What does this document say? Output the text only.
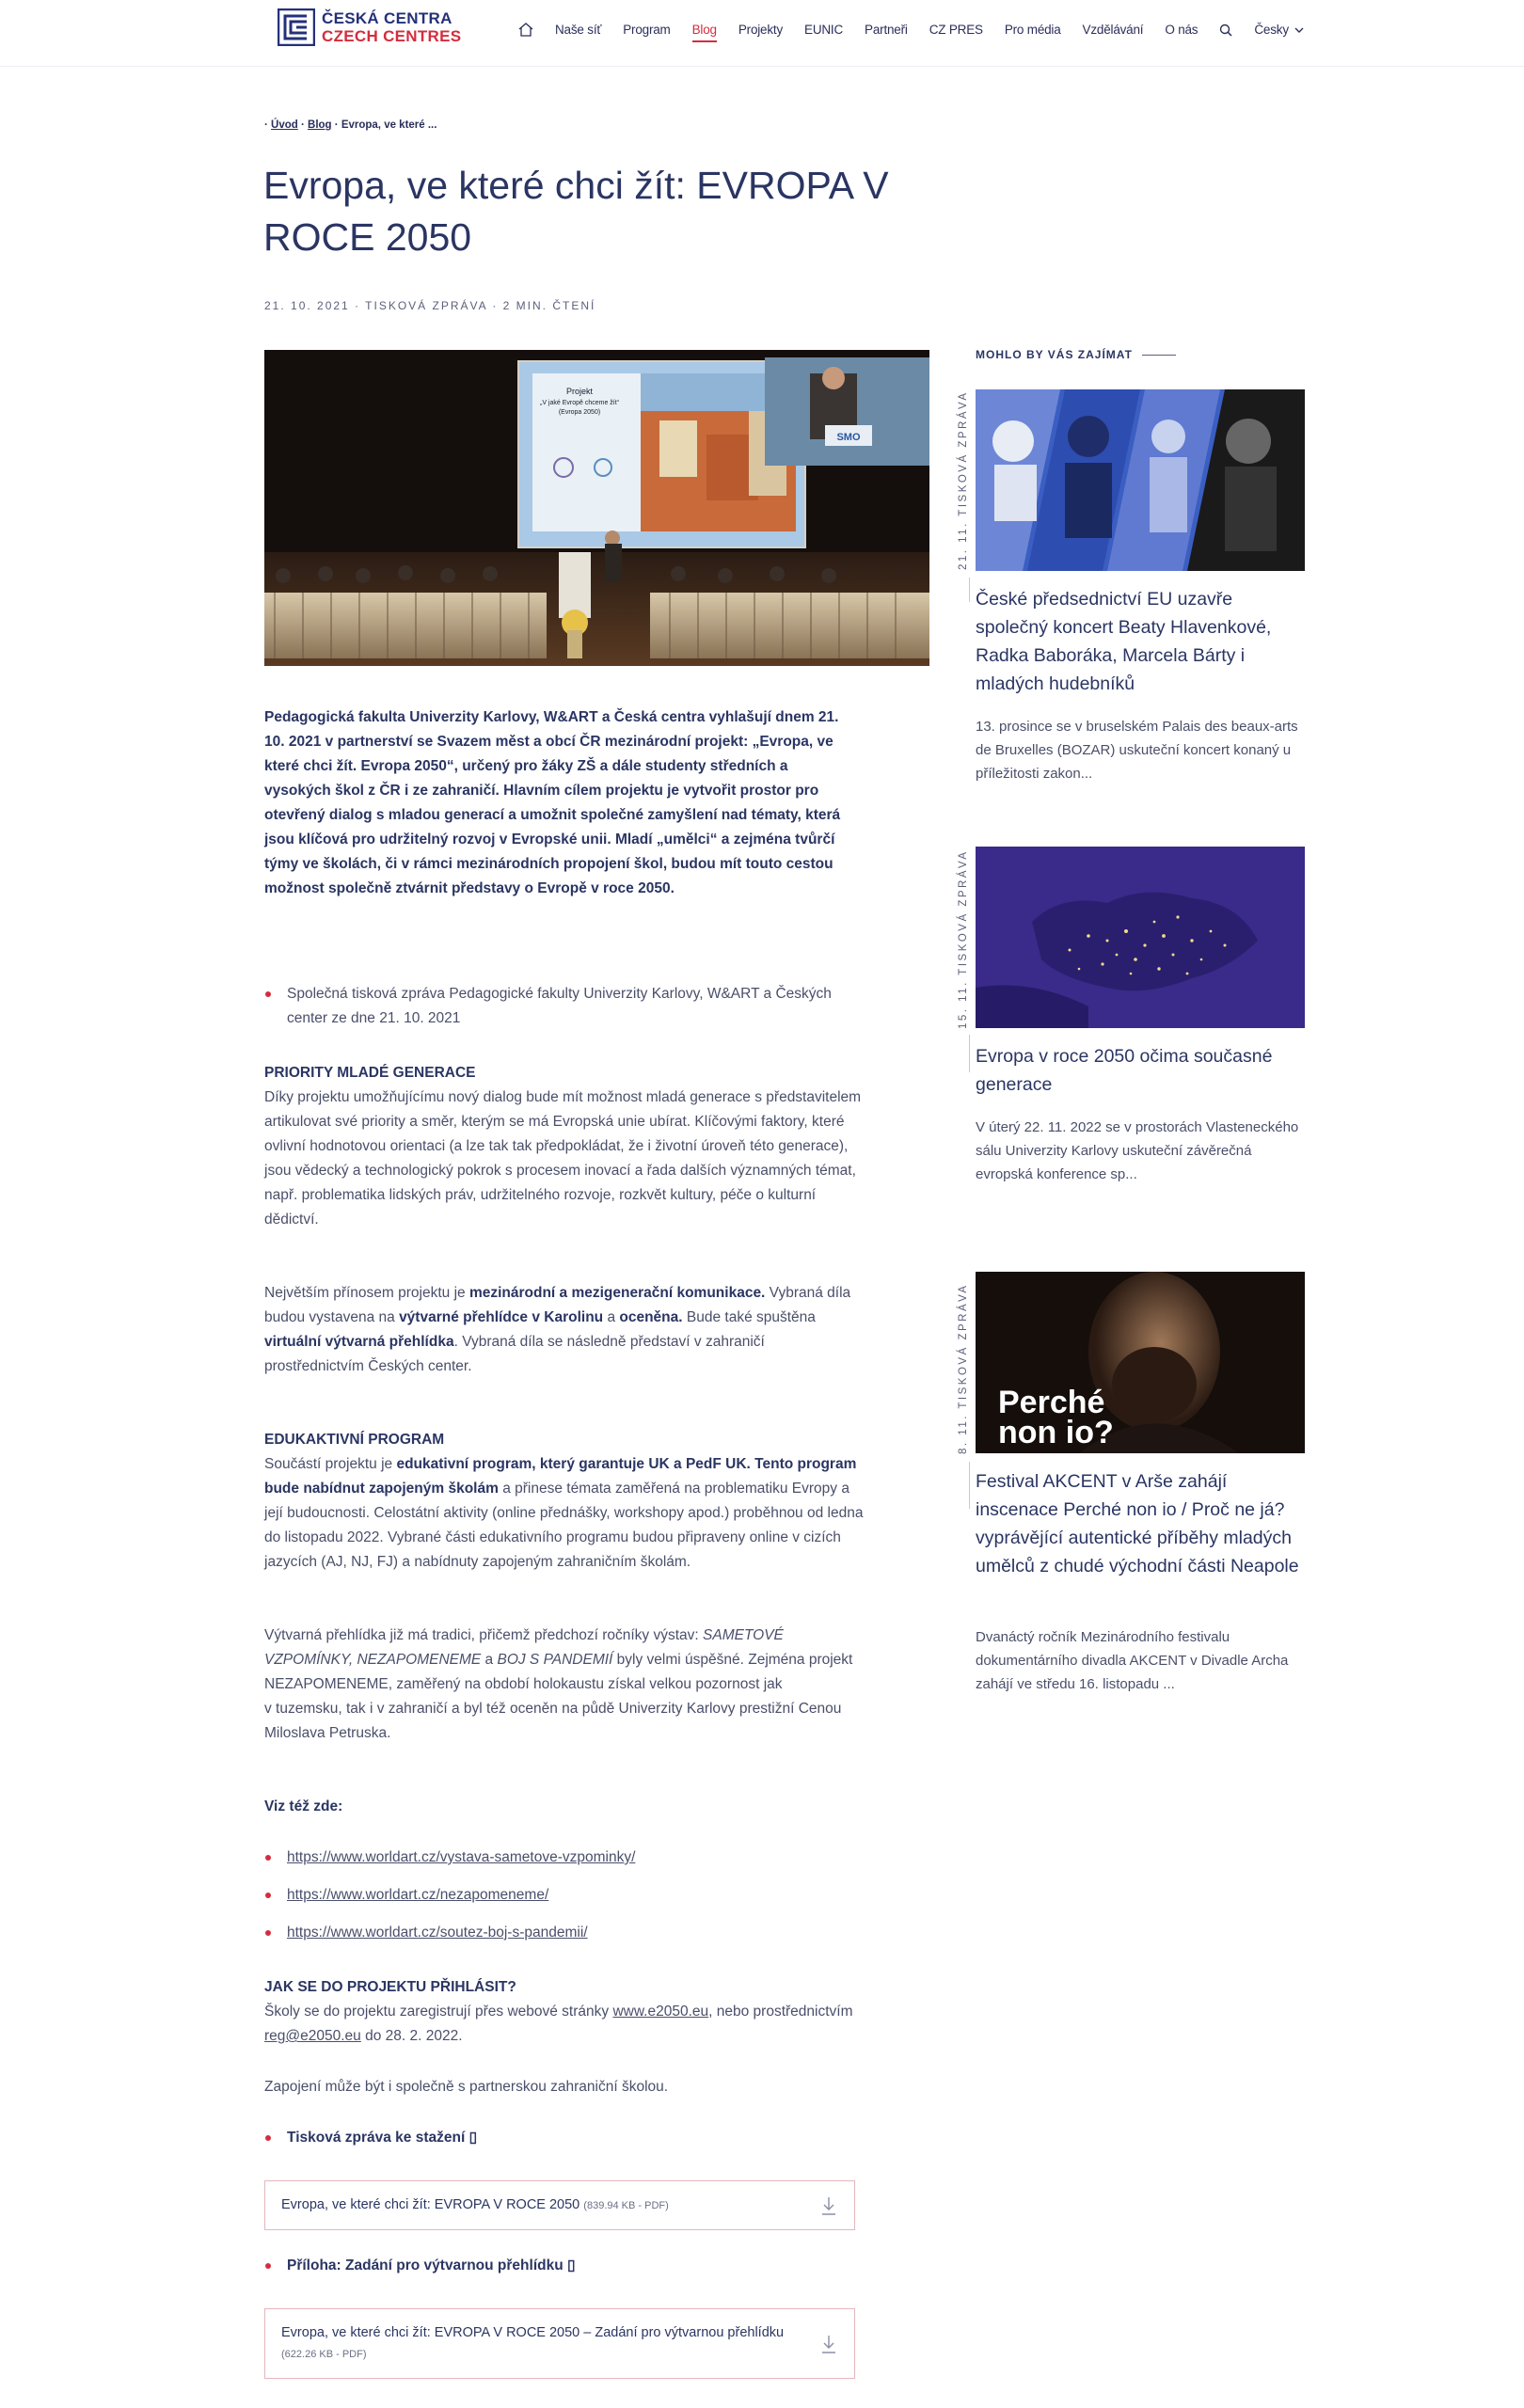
ČESKÁ CENTRA
CZECH CENTRES	Naše síť Program Blog Projekty EUNIC Partneři CZ PRES Pro média Vzdělávání O nás	Česky
· Úvod · Blog · Evropa, ve které ...
Evropa, ve které chci žít: EVROPA V ROCE 2050
21. 10. 2021 · TISKOVÁ ZPRÁVA · 2 MIN. ČTENÍ
Projekt
„V jaké Evropě chceme žít“
(Evropa 2050)
SMO
Pedagogická fakulta Univerzity Karlovy, W&ART a Česká centra vyhlašují dnem 21. 10. 2021 v partnerství se Svazem měst a obcí ČR mezinárodní projekt: „Evropa, ve které chci žít. Evropa 2050“, určený pro žáky ZŠ a dále studenty středních a vysokých škol z ČR i ze zahraničí. Hlavním cílem projektu je vytvořit prostor pro otevřený dialog s mladou generací a umožnit společné zamyšlení nad tématy, která jsou klíčová pro udržitelný rozvoj v Evropské unii. Mladí „umělci“ a zejména tvůrčí týmy ve školách, či v rámci mezinárodních propojení škol, budou mít touto cestou možnost společně ztvárnit představy o Evropě v roce 2050.
Společná tisková zpráva Pedagogické fakulty Univerzity Karlovy, W&ART a Českých center ze dne 21. 10. 2021
PRIORITY MLADÉ GENERACE
Díky projektu umožňujícímu nový dialog bude mít možnost mladá generace s představitelem artikulovat své priority a směr, kterým se má Evropská unie ubírat. Klíčovými faktory, které ovlivní hodnotovou orientaci (a lze tak tak předpokládat, že i životní úroveň této generace), jsou vědecký a technologický pokrok s procesem inovací a řada dalších významných témat, např. problematika lidských práv, udržitelného rozvoje, rozkvět kultury, péče o kulturní dědictví.
Největším přínosem projektu je mezinárodní a mezigenerační komunikace. Vybraná díla budou vystavena na výtvarné přehlídce v Karolinu a oceněna. Bude také spuštěna virtuální výtvarná přehlídka. Vybraná díla se následně představí v zahraničí prostřednictvím Českých center.
EDUKAKTIVNÍ PROGRAM
Součástí projektu je edukativní program, který garantuje UK a PedF UK. Tento program bude nabídnut zapojeným školám a přinese témata zaměřená na problematiku Evropy a její budoucnosti. Celostátní aktivity (online přednášky, workshopy apod.) proběhnou od ledna do listopadu 2022. Vybrané části edukativního programu budou připraveny online v cizích jazycích (AJ, NJ, FJ) a nabídnuty zapojeným zahraničním školám.
Výtvarná přehlídka již má tradici, přičemž předchozí ročníky výstav: SAMETOVÉ VZPOMÍNKY, NEZAPOMENEME a BOJ S PANDEMIÍ byly velmi úspěšné. Zejména projekt NEZAPOMENEME, zaměřený na období holokaustu získal velkou pozornost jak
v tuzemsku, tak i v zahraničí a byl též oceněn na půdě Univerzity Karlovy prestižní Cenou Miloslava Petruska.
Viz též zde:
https://www.worldart.cz/vystava-sametove-vzpominky/
https://www.worldart.cz/nezapomeneme/
https://www.worldart.cz/soutez-boj-s-pandemii/
JAK SE DO PROJEKTU PŘIHLÁSIT?
Školy se do projektu zaregistrují přes webové stránky www.e2050.eu, nebo prostřednictvím reg@e2050.eu do 28. 2. 2022.
Zapojení může být i společně s partnerskou zahraniční školou.
Tisková zpráva ke stažení ▯
Evropa, ve které chci žít: EVROPA V ROCE 2050 (839.94 KB - PDF)
Příloha: Zadání pro výtvarnou přehlídku ▯
Evropa, ve které chci žít: EVROPA V ROCE 2050 – Zadání pro výtvarnou přehlídku (622.26 KB - PDF)
MOHLO BY VÁS ZAJÍMAT
21. 11. TISKOVÁ ZPRÁVA
České předsednictví EU uzavře společný koncert Beaty Hlavenkové, Radka Baboráka, Marcela Bárty i mladých hudebníků
13. prosince se v bruselském Palais des beaux-arts de Bruxelles (BOZAR) uskuteční koncert konaný u příležitosti zakon...
15. 11. TISKOVÁ ZPRÁVA
Evropa v roce 2050 očima současné generace
V úterý 22. 11. 2022 se v prostorách Vlasteneckého sálu Univerzity Karlovy uskuteční závěrečná evropská konference sp...
8. 11. TISKOVÁ ZPRÁVA Perché non io?
Festival AKCENT v Arše zahájí inscenace Perché non io / Proč ne já? vyprávějící autentické příběhy mladých umělců z chudé východní části Neapole
Dvanáctý ročník Mezinárodního festivalu dokumentárního divadla AKCENT v Divadle Archa zahájí ve středu 16. listopadu ...
